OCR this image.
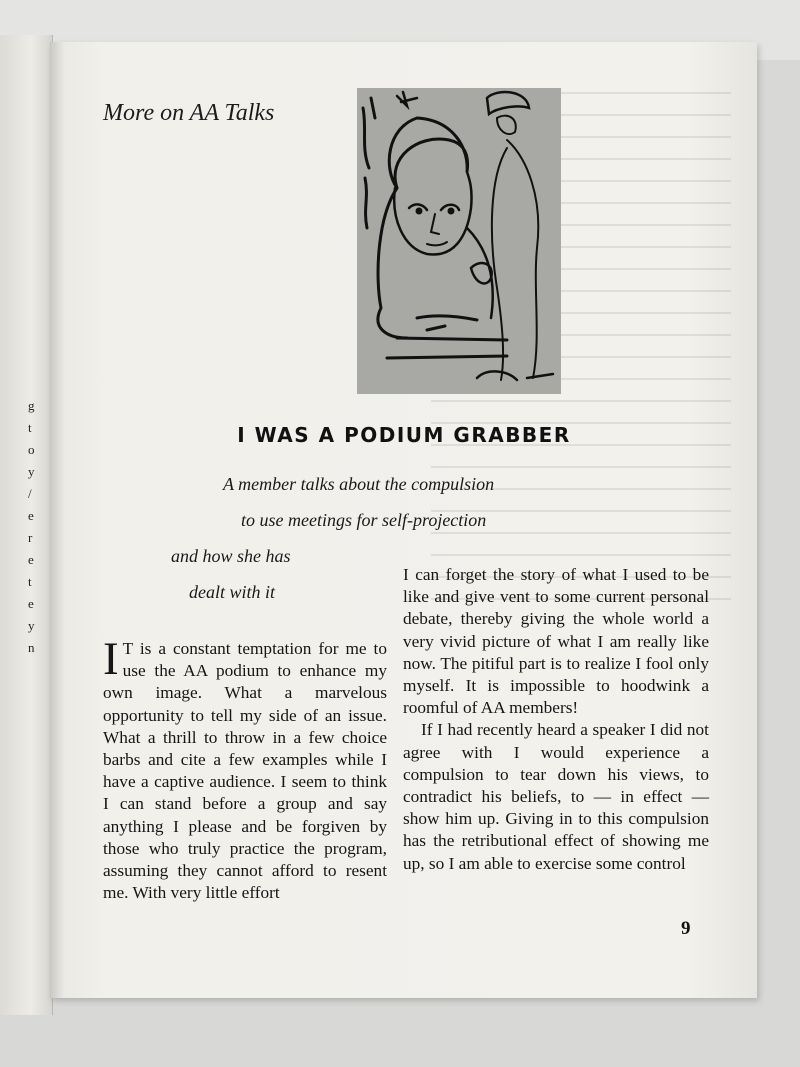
g
t
o
y
/
e
r
e
t
e
y
n
More on AA Talks
I WAS A PODIUM GRABBER
A member talks about the compulsion
to use meetings for self-projection
and how she has
dealt with it

I T is a constant temptation for me to use the AA podium to enhance my own image. What a marvelous opportunity to tell my side of an issue. What a thrill to throw in a few choice barbs and cite a few examples while I have a captive audience. I seem to think I can stand before a group and say anything I please and be forgiven by those who truly practice the program, assuming they cannot afford to resent me. With very little effort

I can forget the story of what I used to be like and give vent to some current personal debate, thereby giving the whole world a very vivid picture of what I am really like now. The pitiful part is to realize I fool only myself. It is impossible to hoodwink a roomful of AA members!

If I had recently heard a speaker I did not agree with I would experience a compulsion to tear down his views, to contradict his beliefs, to — in effect — show him up. Giving in to this compulsion has the retributional effect of showing me up, so I am able to exercise some control

9
